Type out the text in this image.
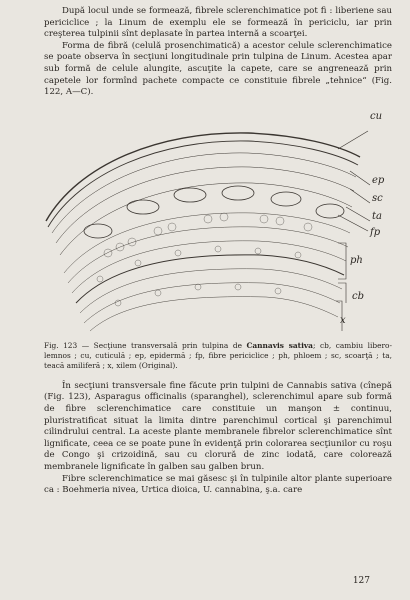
După locul unde se formează, fibrele sclerenchimatice pot fi : liberiene sau periciclice ; la Linum de exemplu ele se formează în periciclu, iar prin creşterea tulpinii sînt deplasate în partea internă a scoarţei.

Forma de fibră (celulă prosenchimatică) a acestor celule sclerenchimatice se poate observa în secţiuni longitudinale prin tulpina de Linum. Acestea apar sub formă de celule alungite, ascuţite la capete, care se angrenează prin capetele lor formînd pachete compacte ce constituie fibrele „tehnice“ (Fig. 122, A—C).

cu
ep
sc
ta
fp
ph
cb
x

Fig. 123 — Secţiune transversală prin tulpina de Cannavis sativa; cb, cambiu libero-lemnos ; cu, cuticulă ; ep, epidermă ; fp, fibre periciclice ; ph, phloem ; sc, scoarţă ; ta, teacă amiliferă ; x, xilem (Original).

În secţiuni transversale fine făcute prin tulpini de Cannabis sativa (cînepă (Fig. 123), Asparagus officinalis (sparanghel), sclerenchimul apare sub formă de fibre sclerenchimatice care constituie un manşon ± continuu, pluristratificat situat la limita dintre parenchimul cortical şi parenchimul cilindrului central. La aceste plante membranele fibrelor sclerenchimatice sînt lignificate, ceea ce se poate pune în evidenţă prin colorarea secţiunilor cu roşu de Congo şi crizoidină, sau cu clorură de zinc iodată, care colorează membranele lignificate în galben sau galben brun.

Fibre sclerenchimatice se mai găsesc şi în tulpinile altor plante superioare ca : Boehmeria nivea, Urtica dioica, U. cannabina, ş.a. care

127
